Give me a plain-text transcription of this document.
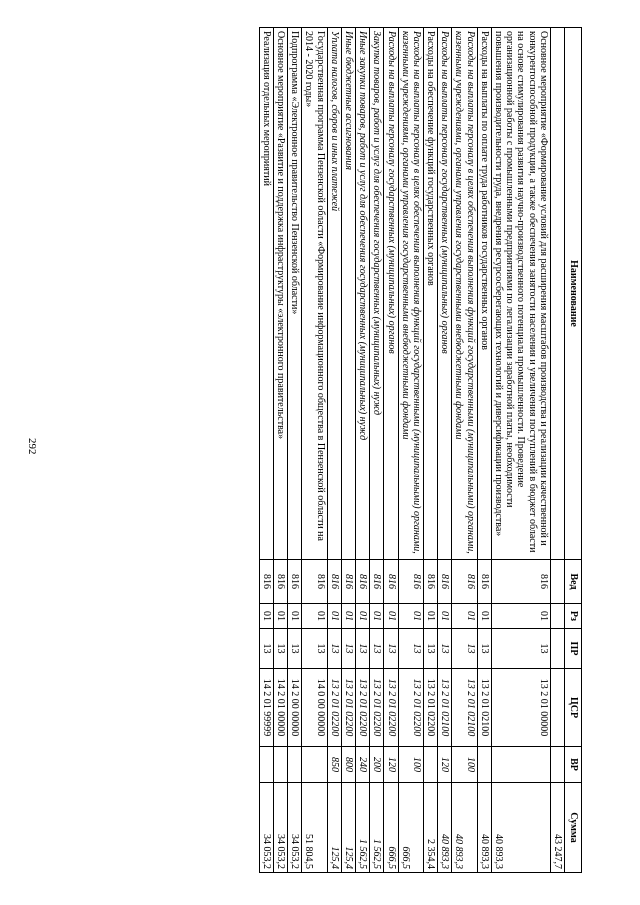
292
Наименование	Вед	Рз	ПР	ЦСР	ВР	Сумма
						43 247,7
Основное мероприятие «Формирование условий для расширения масштабов производства и реализации качественной и конкурентоспособной продукции, а также обеспечения занятости населения и увеличения поступлений в бюджет области на основе стимулирования развития научно-производственного потенциала промышленности. Проведение организационной работы с промышленными предприятиями по легализации заработной платы, необходимости повышения производительности труда, внедрения ресурсосберегающих технологий и диверсификации производства»	816	01	13	13 2 01 00000		40 893,3
Расходы на выплаты по оплате труда работников государственных органов	816	01	13	13 2 01 02100		40 893,3
Расходы на выплаты персоналу в целях обеспечения выполнения функций государственными (муниципальными) органами, казенными учреждениями, органами управления государственными внебюджетными фондами	816	01	13	13 2 01 02100	100	40 893,3
Расходы на выплаты персоналу государственных (муниципальных) органов	816	01	13	13 2 01 02100	120	40 893,3
Расходы на обеспечение функций государственных органов	816	01	13	13 2 01 02200		2 354,4
Расходы на выплаты персоналу в целях обеспечения выполнения функций государственными (муниципальными) органами, казенными учреждениями, органами управления государственными внебюджетными фондами	816	01	13	13 2 01 02200	100	666,5
Расходы на выплаты персоналу государственных (муниципальных) органов	816	01	13	13 2 01 02200	120	666,5
Закупка товаров, работ и услуг для обеспечения государственных (муниципальных) нужд	816	01	13	13 2 01 02200	200	1 562,5
Иные закупки товаров, работ и услуг для обеспечения государственных (муниципальных) нужд	816	01	13	13 2 01 02200	240	1 562,5
Иные бюджетные ассигнования	816	01	13	13 2 01 02200	800	125,4
Уплата налогов, сборов и иных платежей	816	01	13	13 2 01 02200	850	125,4
Государственная программа Пензенской области «Формирование информационного общества в Пензенской области на 2014 - 2020 годы»	816	01	13	14 0 00 00000		51 804,5
Подпрограмма «Электронное правительство Пензенской области»	816	01	13	14 2 00 00000		34 053,2
Основное мероприятие «Развитие и поддержка инфраструктуры «электронного правительства»	816	01	13	14 2 01 00000		34 053,2
Реализация отдельных мероприятий	816	01	13	14 2 01 99999		34 053,2
